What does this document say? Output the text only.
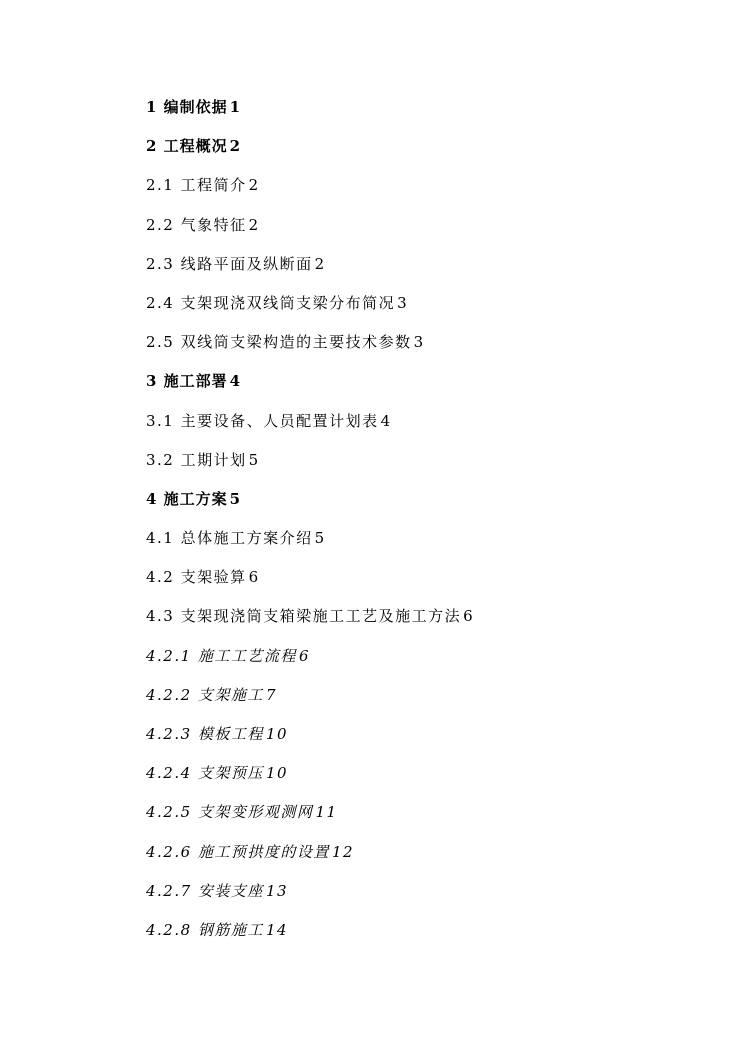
1 编制依据 1
2 工程概况 2
2.1 工程简介 2
2.2 气象特征 2
2.3 线路平面及纵断面 2
2.4 支架现浇双线筒支梁分布简况 3
2.5 双线筒支梁构造的主要技术参数 3
3 施工部署 4
3.1 主要设备、人员配置计划表 4
3.2 工期计划 5
4 施工方案 5
4.1 总体施工方案介绍 5
4.2 支架验算 6
4.3 支架现浇筒支箱梁施工工艺及施工方法 6
4.2.1 施工工艺流程 6
4.2.2 支架施工 7
4.2.3 模板工程 10
4.2.4 支架预压 10
4.2.5 支架变形观测网 11
4.2.6 施工预拱度的设置 12
4.2.7 安装支座 13
4.2.8 钢筋施工 14
